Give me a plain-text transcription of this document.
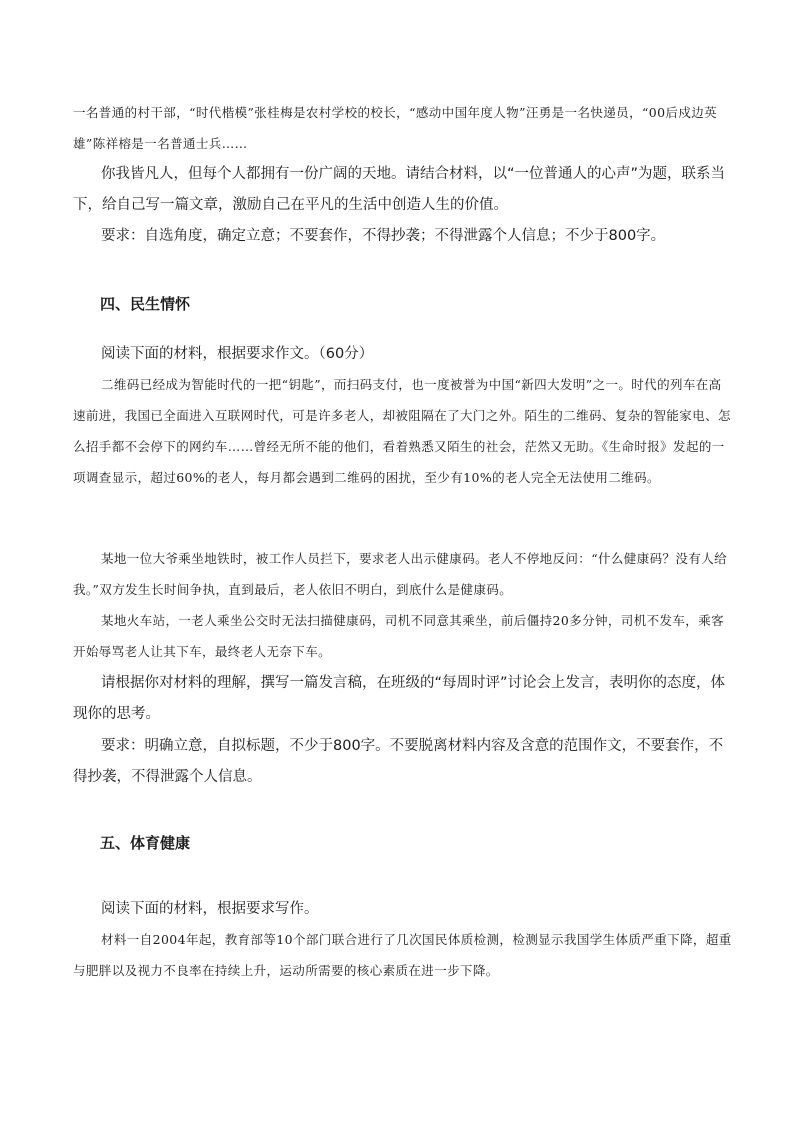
一名普通的村干部，“时代楷模”张桂梅是农村学校的校长，“感动中国年度人物”汪勇是一名快递员，“00后戍边英雄”陈祥榕是一名普通士兵……

你我皆凡人，但每个人都拥有一份广阔的天地。请结合材料，以“一位普通人的心声”为题，联系当下，给自己写一篇文章，激励自己在平凡的生活中创造人生的价值。

要求：自选角度，确定立意；不要套作，不得抄袭；不得泄露个人信息；不少于800字。

四、民生情怀

阅读下面的材料，根据要求作文。（60分）

二维码已经成为智能时代的一把“钥匙”，而扫码支付，也一度被誉为中国“新四大发明”之一。时代的列车在高速前进，我国已全面进入互联网时代，可是许多老人，却被阻隔在了大门之外。陌生的二维码、复杂的智能家电、怎么招手都不会停下的网约车……曾经无所不能的他们，看着熟悉又陌生的社会，茫然又无助。《生命时报》发起的一项调查显示，超过60%的老人，每月都会遇到二维码的困扰，至少有10%的老人完全无法使用二维码。

某地一位大爷乘坐地铁时，被工作人员拦下，要求老人出示健康码。老人不停地反问：“什么健康码？没有人给我。”双方发生长时间争执，直到最后，老人依旧不明白，到底什么是健康码。

某地火车站，一老人乘坐公交时无法扫描健康码，司机不同意其乘坐，前后僵持20多分钟，司机不发车，乘客开始辱骂老人让其下车，最终老人无奈下车。

请根据你对材料的理解，撰写一篇发言稿，在班级的“每周时评”讨论会上发言，表明你的态度，体现你的思考。

要求：明确立意，自拟标题，不少于800字。不要脱离材料内容及含意的范围作文，不要套作，不得抄袭，不得泄露个人信息。

五、体育健康

阅读下面的材料，根据要求写作。

材料一自2004年起，教育部等10个部门联合进行了几次国民体质检测，检测显示我国学生体质严重下降，超重与肥胖以及视力不良率在持续上升，运动所需要的核心素质在进一步下降。
